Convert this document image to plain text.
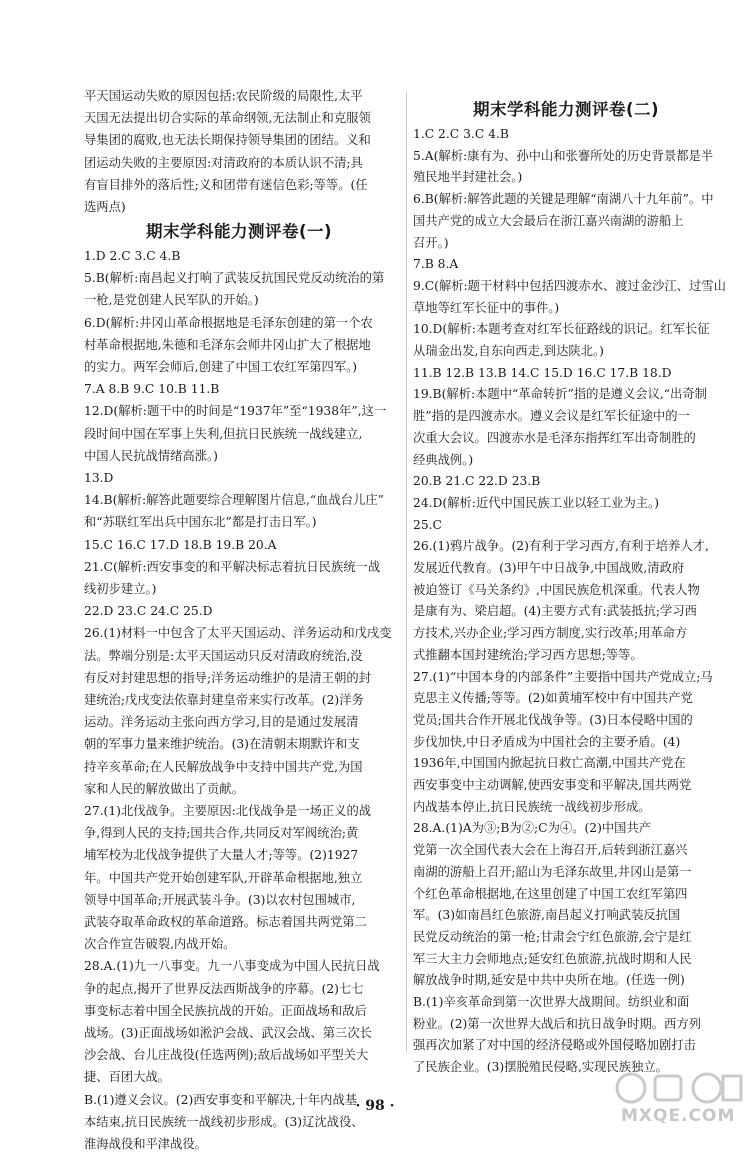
平天国运动失败的原因包括:农民阶级的局限性,太平
天国无法提出切合实际的革命纲领,无法制止和克服领
导集团的腐败,也无法长期保持领导集团的团结。义和
团运动失败的主要原因:对清政府的本质认识不清;具
有盲目排外的落后性;义和团带有迷信色彩;等等。(任
选两点)
期末学科能力测评卷(一)
1.D 2.C 3.C 4.B
5.B(解析:南昌起义打响了武装反抗国民党反动统治的第
一枪,是党创建人民军队的开始。)
6.D(解析:井冈山革命根据地是毛泽东创建的第一个农
村革命根据地,朱德和毛泽东会师井冈山扩大了根据地
的实力。两军会师后,创建了中国工农红军第四军。)
7.A 8.B 9.C 10.B 11.B
12.D(解析:题干中的时间是“1937年”至“1938年”,这一
段时间中国在军事上失利,但抗日民族统一战线建立,
中国人民抗战情绪高涨。)
13.D
14.B(解析:解答此题要综合理解图片信息,“血战台儿庄”
和“苏联红军出兵中国东北”都是打击日军。)
15.C 16.C 17.D 18.B 19.B 20.A
21.C(解析:西安事变的和平解决标志着抗日民族统一战
线初步建立。)
22.D 23.C 24.C 25.D
26.(1)材料一中包含了太平天国运动、洋务运动和戊戌变
法。弊端分别是:太平天国运动只反对清政府统治,没
有反对封建思想的指导;洋务运动维护的是清王朝的封
建统治;戊戌变法依靠封建皇帝来实行改革。(2)洋务
运动。洋务运动主张向西方学习,目的是通过发展清
朝的军事力量来维护统治。(3)在清朝末期默许和支
持辛亥革命;在人民解放战争中支持中国共产党,为国
家和人民的解放做出了贡献。
27.(1)北伐战争。主要原因:北伐战争是一场正义的战
争,得到人民的支持;国共合作,共同反对军阀统治;黄
埔军校为北伐战争提供了大量人才;等等。(2)1927
年。中国共产党开始创建军队,开辟革命根据地,独立
领导中国革命;开展武装斗争。(3)以农村包围城市,
武装夺取革命政权的革命道路。标志着国共两党第二
次合作宣告破裂,内战开始。
28.A.(1)九一八事变。九一八事变成为中国人民抗日战
争的起点,揭开了世界反法西斯战争的序幕。(2)七七
事变标志着中国全民族抗战的开始。正面战场和敌后
战场。(3)正面战场如淞沪会战、武汉会战、第三次长
沙会战、台儿庄战役(任选两例);敌后战场如平型关大
捷、百团大战。
B.(1)遵义会议。(2)西安事变和平解决,十年内战基
本结束,抗日民族统一战线初步形成。(3)辽沈战役、
淮海战役和平津战役。
期末学科能力测评卷(二)
1.C 2.C 3.C 4.B
5.A(解析:康有为、孙中山和张謇所处的历史背景都是半
殖民地半封建社会。)
6.B(解析:解答此题的关键是理解“南湖八十九年前”。中
国共产党的成立大会最后在浙江嘉兴南湖的游船上
召开。)
7.B 8.A
9.C(解析:题干材料中包括四渡赤水、渡过金沙江、过雪山
草地等红军长征中的事件。)
10.D(解析:本题考查对红军长征路线的识记。红军长征
从瑞金出发,自东向西走,到达陕北。)
11.B 12.B 13.B 14.C 15.D 16.C 17.B 18.D
19.B(解析:本题中“革命转折”指的是遵义会议,“出奇制
胜”指的是四渡赤水。遵义会议是红军长征途中的一
次重大会议。四渡赤水是毛泽东指挥红军出奇制胜的
经典战例。)
20.B 21.C 22.D 23.B
24.D(解析:近代中国民族工业以轻工业为主。)
25.C
26.(1)鸦片战争。(2)有利于学习西方,有利于培养人才,
发展近代教育。(3)甲午中日战争,中国战败,清政府
被迫签订《马关条约》,中国民族危机深重。代表人物
是康有为、梁启超。(4)主要方式有:武装抵抗;学习西
方技术,兴办企业;学习西方制度,实行改革;用革命方
式推翻本国封建统治;学习西方思想;等等。
27.(1)“中国本身的内部条件”主要指中国共产党成立;马
克思主义传播;等等。(2)如黄埔军校中有中国共产党
党员;国共合作开展北伐战争等。(3)日本侵略中国的
步伐加快,中日矛盾成为中国社会的主要矛盾。(4)
1936年,中国国内掀起抗日救亡高潮,中国共产党在
西安事变中主动调解,使西安事变和平解决,国共两党
内战基本停止,抗日民族统一战线初步形成。
28.A.(1)A为③;B为②;C为④。(2)中国共产
党第一次全国代表大会在上海召开,后转到浙江嘉兴
南湖的游船上召开;韶山为毛泽东故里,井冈山是第一
个红色革命根据地,在这里创建了中国工农红军第四
军。(3)如南昌红色旅游,南昌起义打响武装反抗国
民党反动统治的第一枪;甘肃会宁红色旅游,会宁是红
军三大主力会师地点;延安红色旅游,抗战时期和人民
解放战争时期,延安是中共中央所在地。(任选一例)
B.(1)辛亥革命到第一次世界大战期间。纺织业和面
粉业。(2)第一次世界大战后和抗日战争时期。西方列
强再次加紧了对中国的经济侵略或外国侵略加剧打击
了民族企业。(3)摆脱殖民侵略,实现民族独立。
· 98 ·	MXQE.COM
